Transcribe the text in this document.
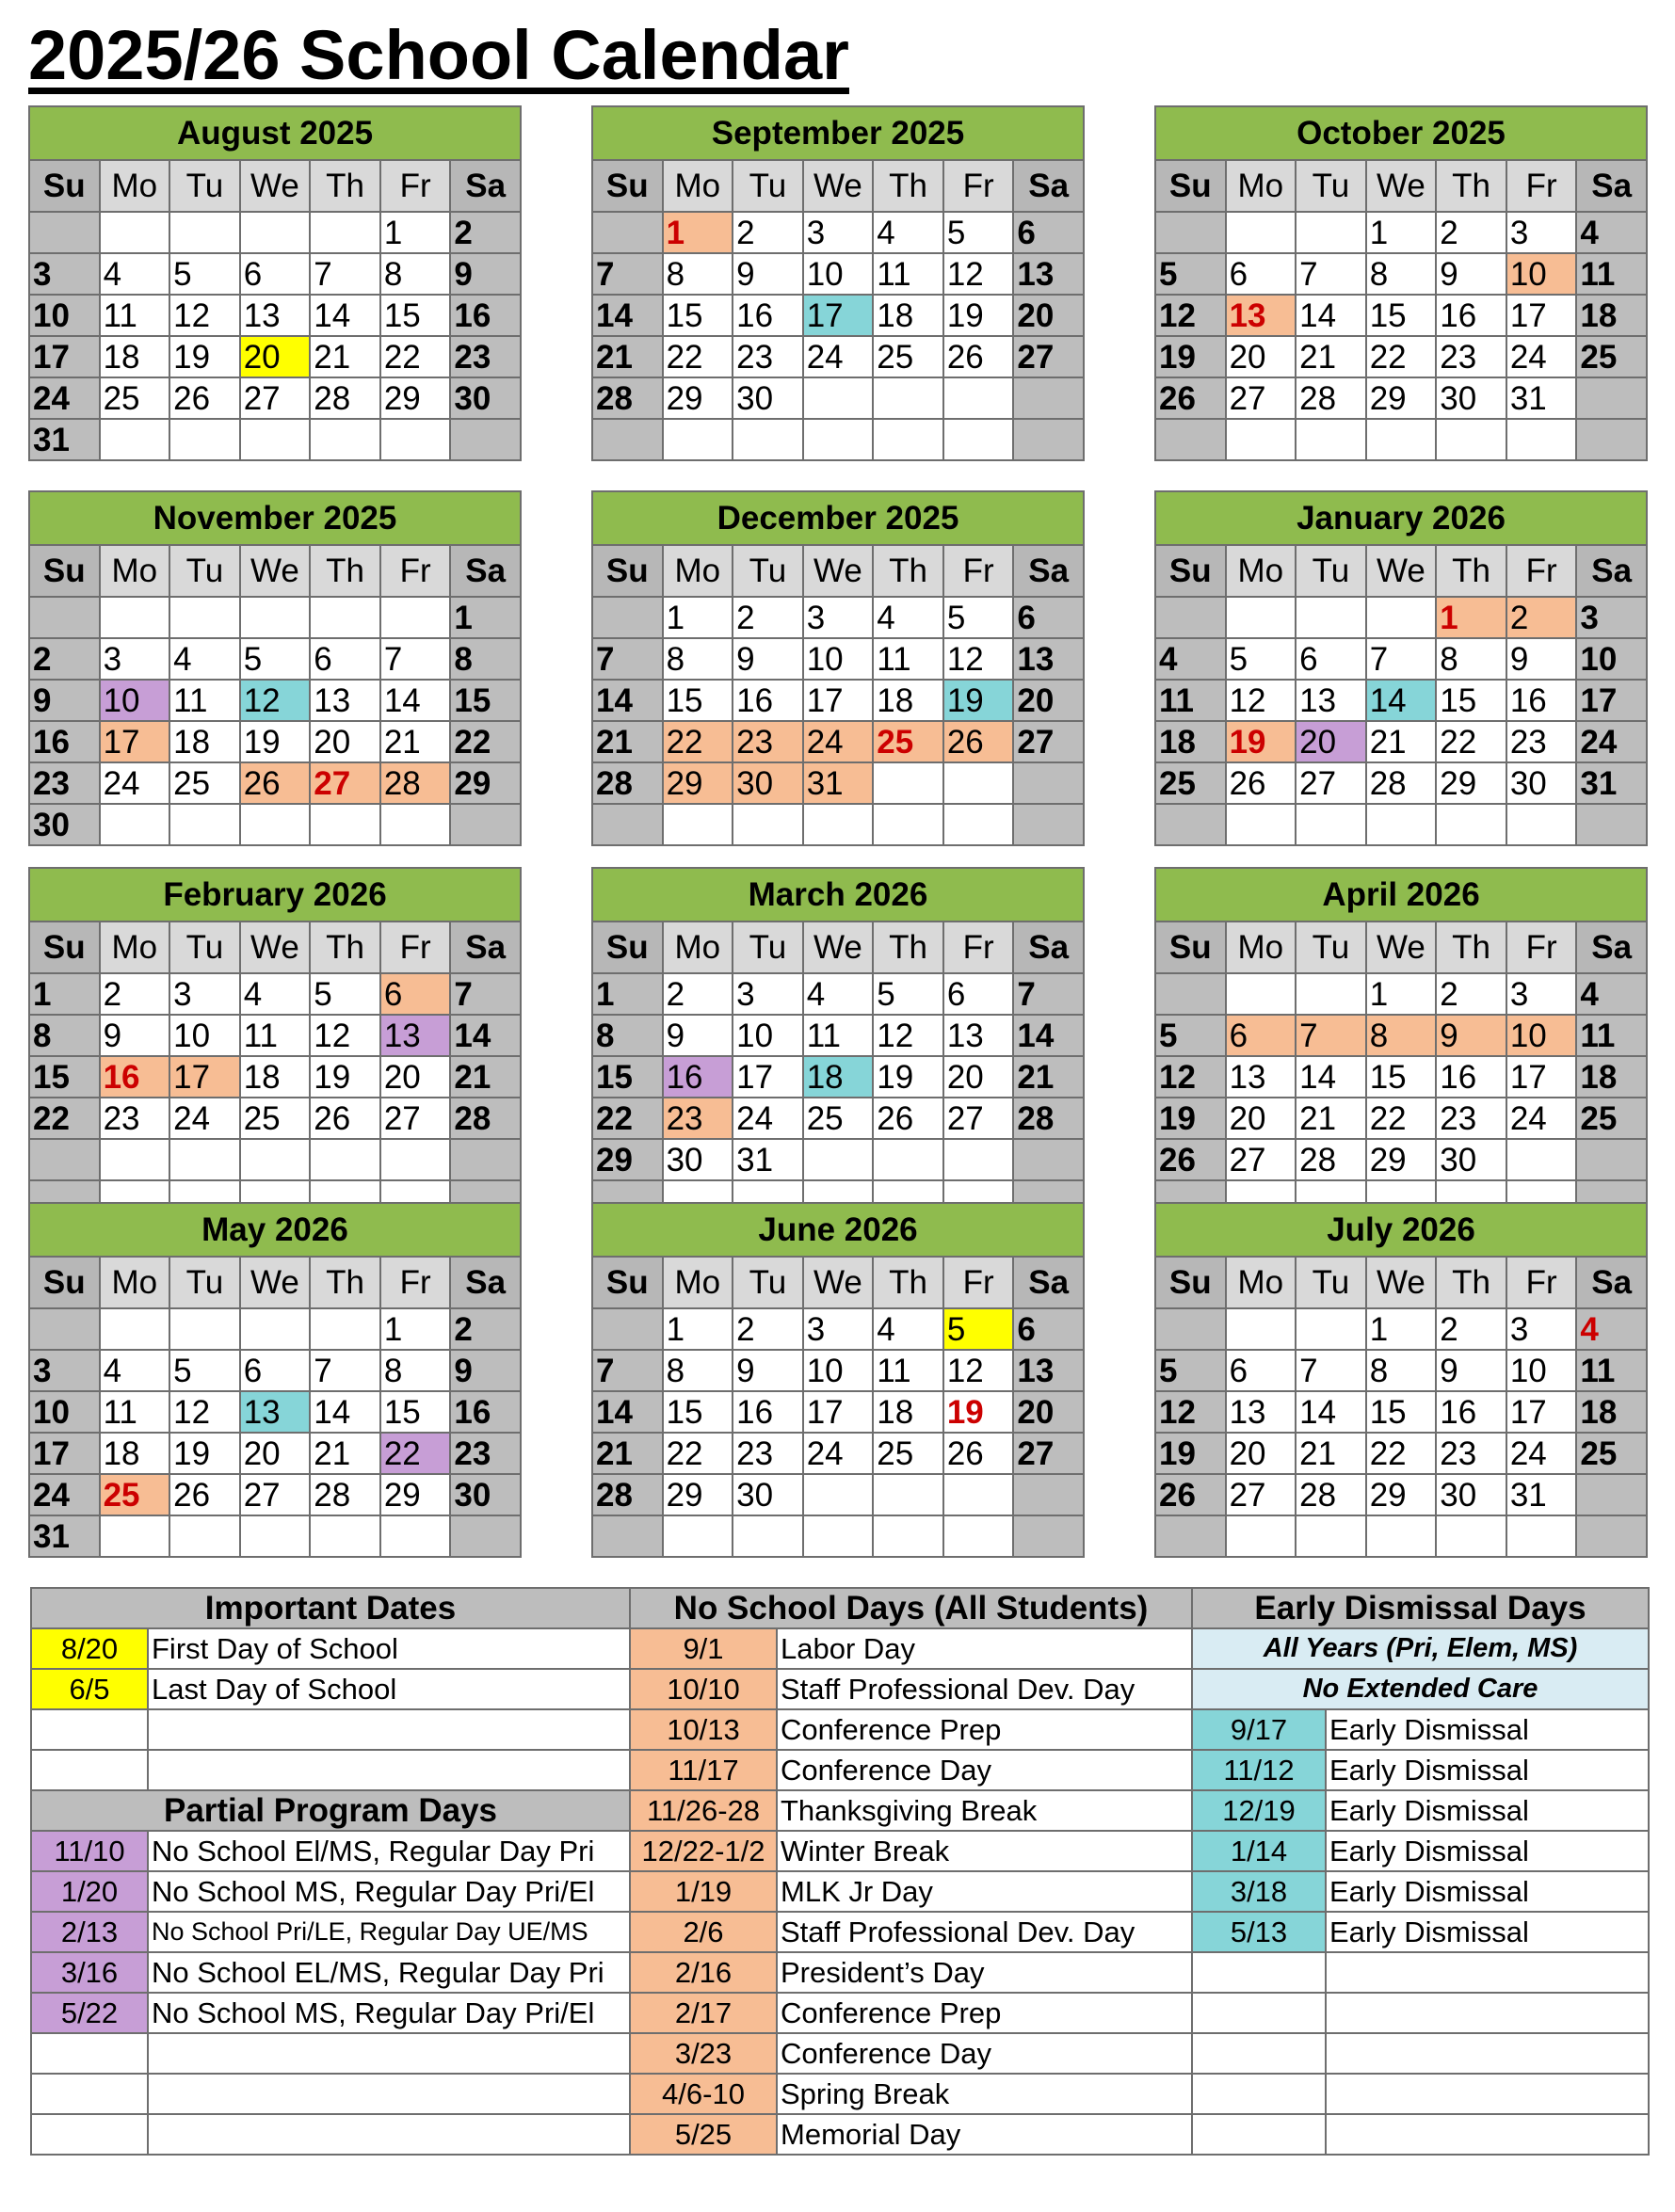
2025/26 School Calendar
August 2025						
Su	Mo	Tu	We	Th	Fr	Sa
					1	2
3	4	5	6	7	8	9
10	11	12	13	14	15	16
17	18	19	20	21	22	23
24	25	26	27	28	29	30
31						
September 2025						
Su	Mo	Tu	We	Th	Fr	Sa
	1	2	3	4	5	6
7	8	9	10	11	12	13
14	15	16	17	18	19	20
21	22	23	24	25	26	27
28	29	30				

October 2025						
Su	Mo	Tu	We	Th	Fr	Sa
			1	2	3	4
5	6	7	8	9	10	11
12	13	14	15	16	17	18
19	20	21	22	23	24	25
26	27	28	29	30	31	

November 2025						
Su	Mo	Tu	We	Th	Fr	Sa
						1
2	3	4	5	6	7	8
9	10	11	12	13	14	15
16	17	18	19	20	21	22
23	24	25	26	27	28	29
30						
December 2025						
Su	Mo	Tu	We	Th	Fr	Sa
	1	2	3	4	5	6
7	8	9	10	11	12	13
14	15	16	17	18	19	20
21	22	23	24	25	26	27
28	29	30	31			

January 2026						
Su	Mo	Tu	We	Th	Fr	Sa
				1	2	3
4	5	6	7	8	9	10
11	12	13	14	15	16	17
18	19	20	21	22	23	24
25	26	27	28	29	30	31

February 2026						
Su	Mo	Tu	We	Th	Fr	Sa
1	2	3	4	5	6	7
8	9	10	11	12	13	14
15	16	17	18	19	20	21
22	23	24	25	26	27	28

March 2026						
Su	Mo	Tu	We	Th	Fr	Sa
1	2	3	4	5	6	7
8	9	10	11	12	13	14
15	16	17	18	19	20	21
22	23	24	25	26	27	28
29	30	31				

April 2026						
Su	Mo	Tu	We	Th	Fr	Sa
			1	2	3	4
5	6	7	8	9	10	11
12	13	14	15	16	17	18
19	20	21	22	23	24	25
26	27	28	29	30		

May 2026						
Su	Mo	Tu	We	Th	Fr	Sa
					1	2
3	4	5	6	7	8	9
10	11	12	13	14	15	16
17	18	19	20	21	22	23
24	25	26	27	28	29	30
31						
June 2026						
Su	Mo	Tu	We	Th	Fr	Sa
	1	2	3	4	5	6
7	8	9	10	11	12	13
14	15	16	17	18	19	20
21	22	23	24	25	26	27
28	29	30				

July 2026						
Su	Mo	Tu	We	Th	Fr	Sa
			1	2	3	4
5	6	7	8	9	10	11
12	13	14	15	16	17	18
19	20	21	22	23	24	25
26	27	28	29	30	31	

Important Dates		No School Days (All Students)		Early Dismissal Days	
8/20	First Day of School	9/1	Labor Day	All Years (Pri, Elem, MS)	
6/5	Last Day of School	10/10	Staff Professional Dev. Day	No Extended Care	
		10/13	Conference Prep	9/17	Early Dismissal
		11/17	Conference Day	11/12	Early Dismissal
Partial Program Days		11/26-28	Thanksgiving Break	12/19	Early Dismissal
11/10	No School El/MS, Regular Day Pri	12/22-1/2	Winter Break	1/14	Early Dismissal
1/20	No School MS, Regular Day Pri/El	1/19	MLK Jr Day	3/18	Early Dismissal
2/13	No School Pri/LE, Regular Day UE/MS	2/6	Staff Professional Dev. Day	5/13	Early Dismissal
3/16	No School EL/MS, Regular Day Pri	2/16	President’s Day		
5/22	No School MS, Regular Day Pri/El	2/17	Conference Prep		
		3/23	Conference Day		
		4/6-10	Spring Break		
		5/25	Memorial Day		
